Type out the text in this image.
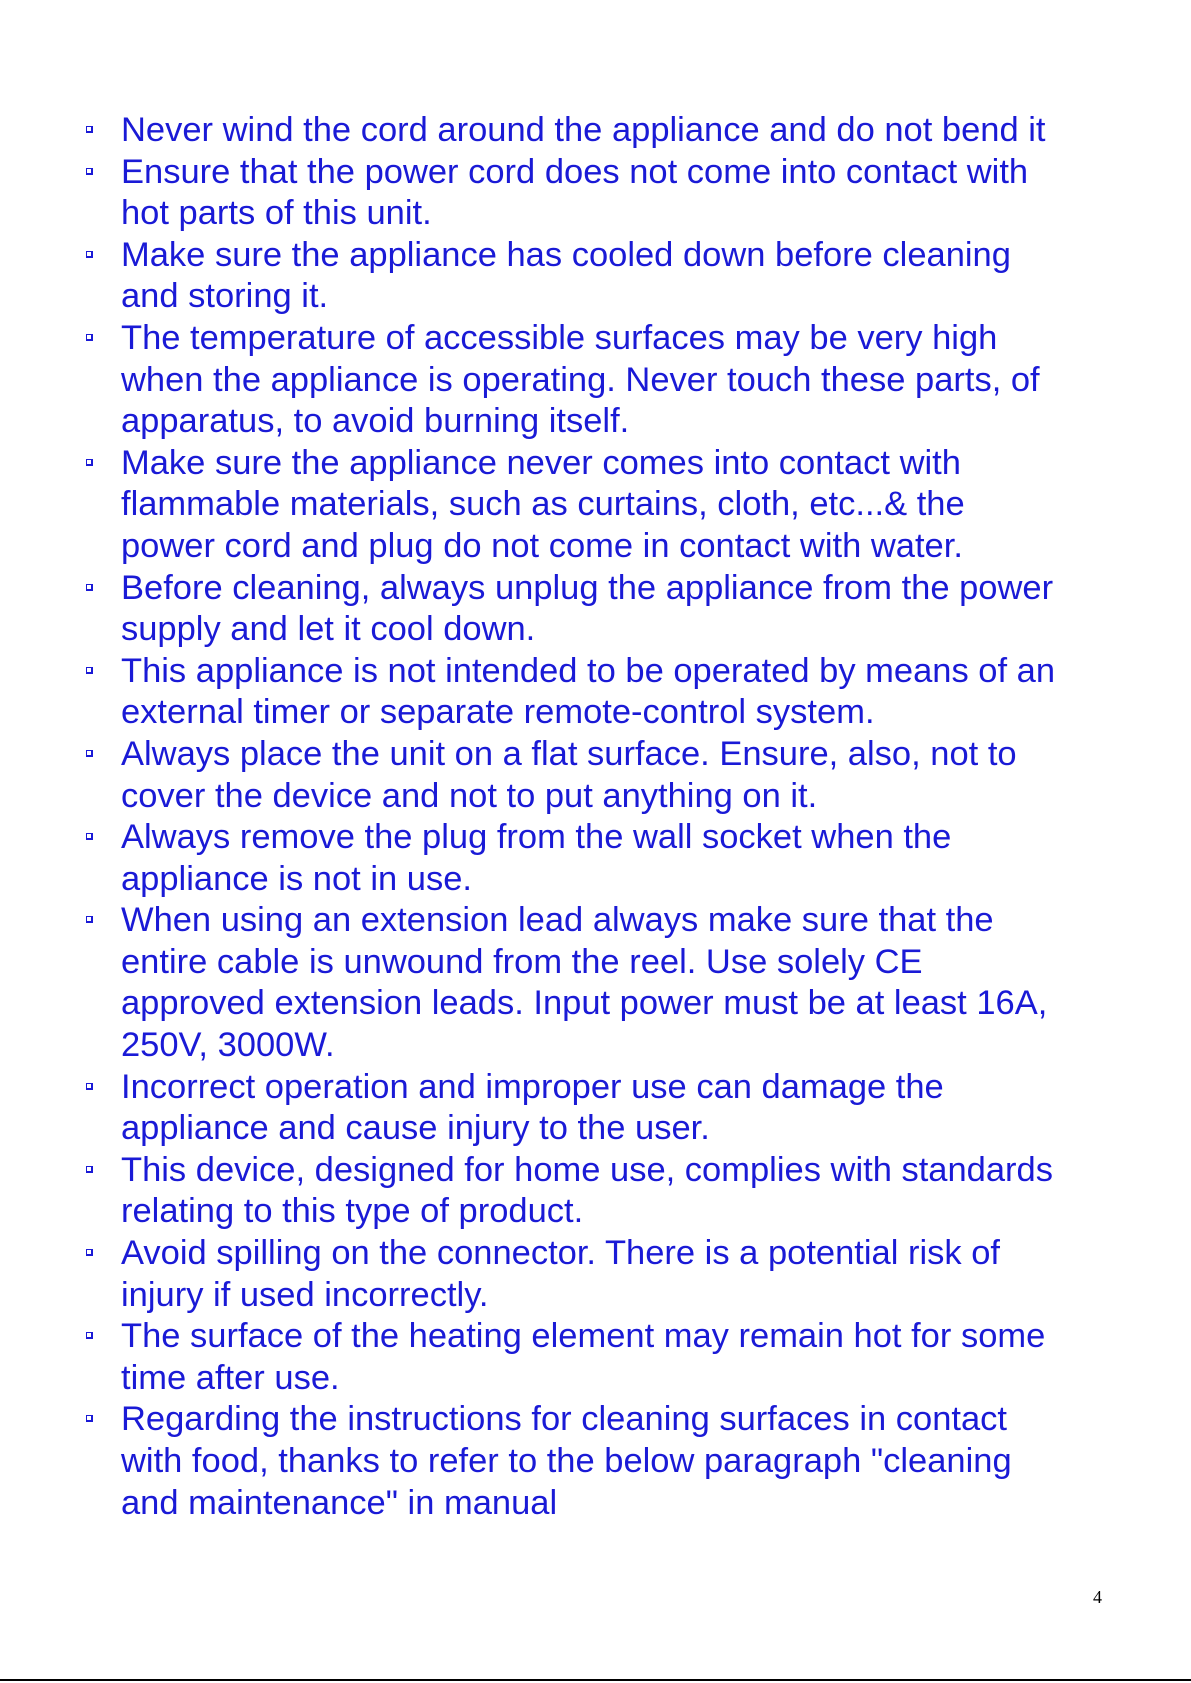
Never wind the cord around the appliance and do not bend it
Ensure that the power cord does not come into contact with
hot parts of this unit.
Make sure the appliance has cooled down before cleaning
and storing it.
The temperature of accessible surfaces may be very high
when the appliance is operating. Never touch these parts, of
apparatus, to avoid burning itself.
Make sure the appliance never comes into contact with
flammable materials, such as curtains, cloth, etc...& the
power cord and plug do not come in contact with water.
Before cleaning, always unplug the appliance from the power
supply and let it cool down.
This appliance is not intended to be operated by means of an
external timer or separate remote-control system.
Always place the unit on a flat surface. Ensure, also, not to
cover the device and not to put anything on it.
Always remove the plug from the wall socket when the
appliance is not in use.
When using an extension lead always make sure that the
entire cable is unwound from the reel. Use solely CE
approved extension leads. Input power must be at least 16A,
250V, 3000W.
Incorrect operation and improper use can damage the
appliance and cause injury to the user.
This device, designed for home use, complies with standards
relating to this type of product.
Avoid spilling on the connector. There is a potential risk of
injury if used incorrectly.
The surface of the heating element may remain hot for some
time after use.
Regarding the instructions for cleaning surfaces in contact
with food, thanks to refer to the below paragraph "cleaning
and maintenance" in manual
4
